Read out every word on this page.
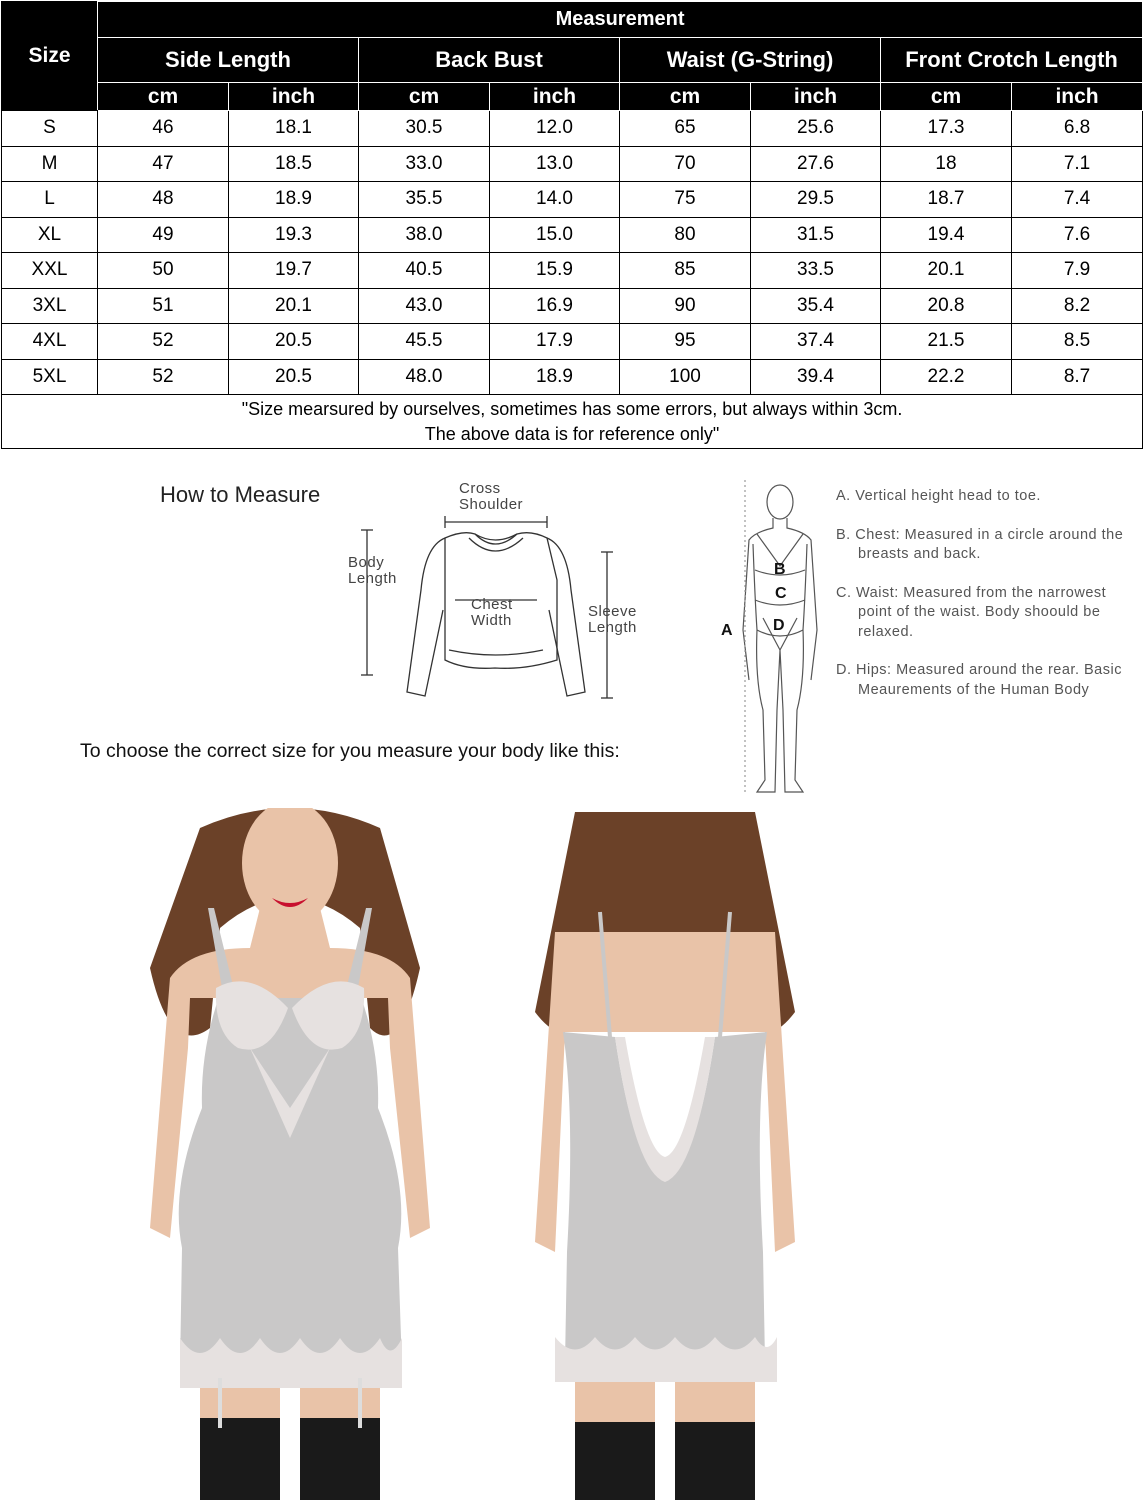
Size	Measurement							
	Side Length		Back Bust		Waist (G-String)		Front Crotch Length	
	cm	inch	cm	inch	cm	inch	cm	inch
S	46	18.1	30.5	12.0	65	25.6	17.3	6.8
M	47	18.5	33.0	13.0	70	27.6	18	7.1
L	48	18.9	35.5	14.0	75	29.5	18.7	7.4
XL	49	19.3	38.0	15.0	80	31.5	19.4	7.6
XXL	50	19.7	40.5	15.9	85	33.5	20.1	7.9
3XL	51	20.1	43.0	16.9	90	35.4	20.8	8.2
4XL	52	20.5	45.5	17.9	95	37.4	21.5	8.5
5XL	52	20.5	48.0	18.9	100	39.4	22.2	8.7

"Size mearsured by ourselves, sometimes has some errors, but always within 3cm.
The above data is for reference only"								
How to Measure	Cross
Shoulder
Body
Length
Chest
Width
Sleeve
Length
To choose the correct size for you measure your body like this:
A
B
C
D

A. Vertical height head to toe.

B. Chest: Measured in a circle around the breasts and back.

C. Waist: Measured from the narrowest point of the waist. Body shoould be relaxed.

D. Hips: Measured around the rear. Basic Meaurements of the Human Body
